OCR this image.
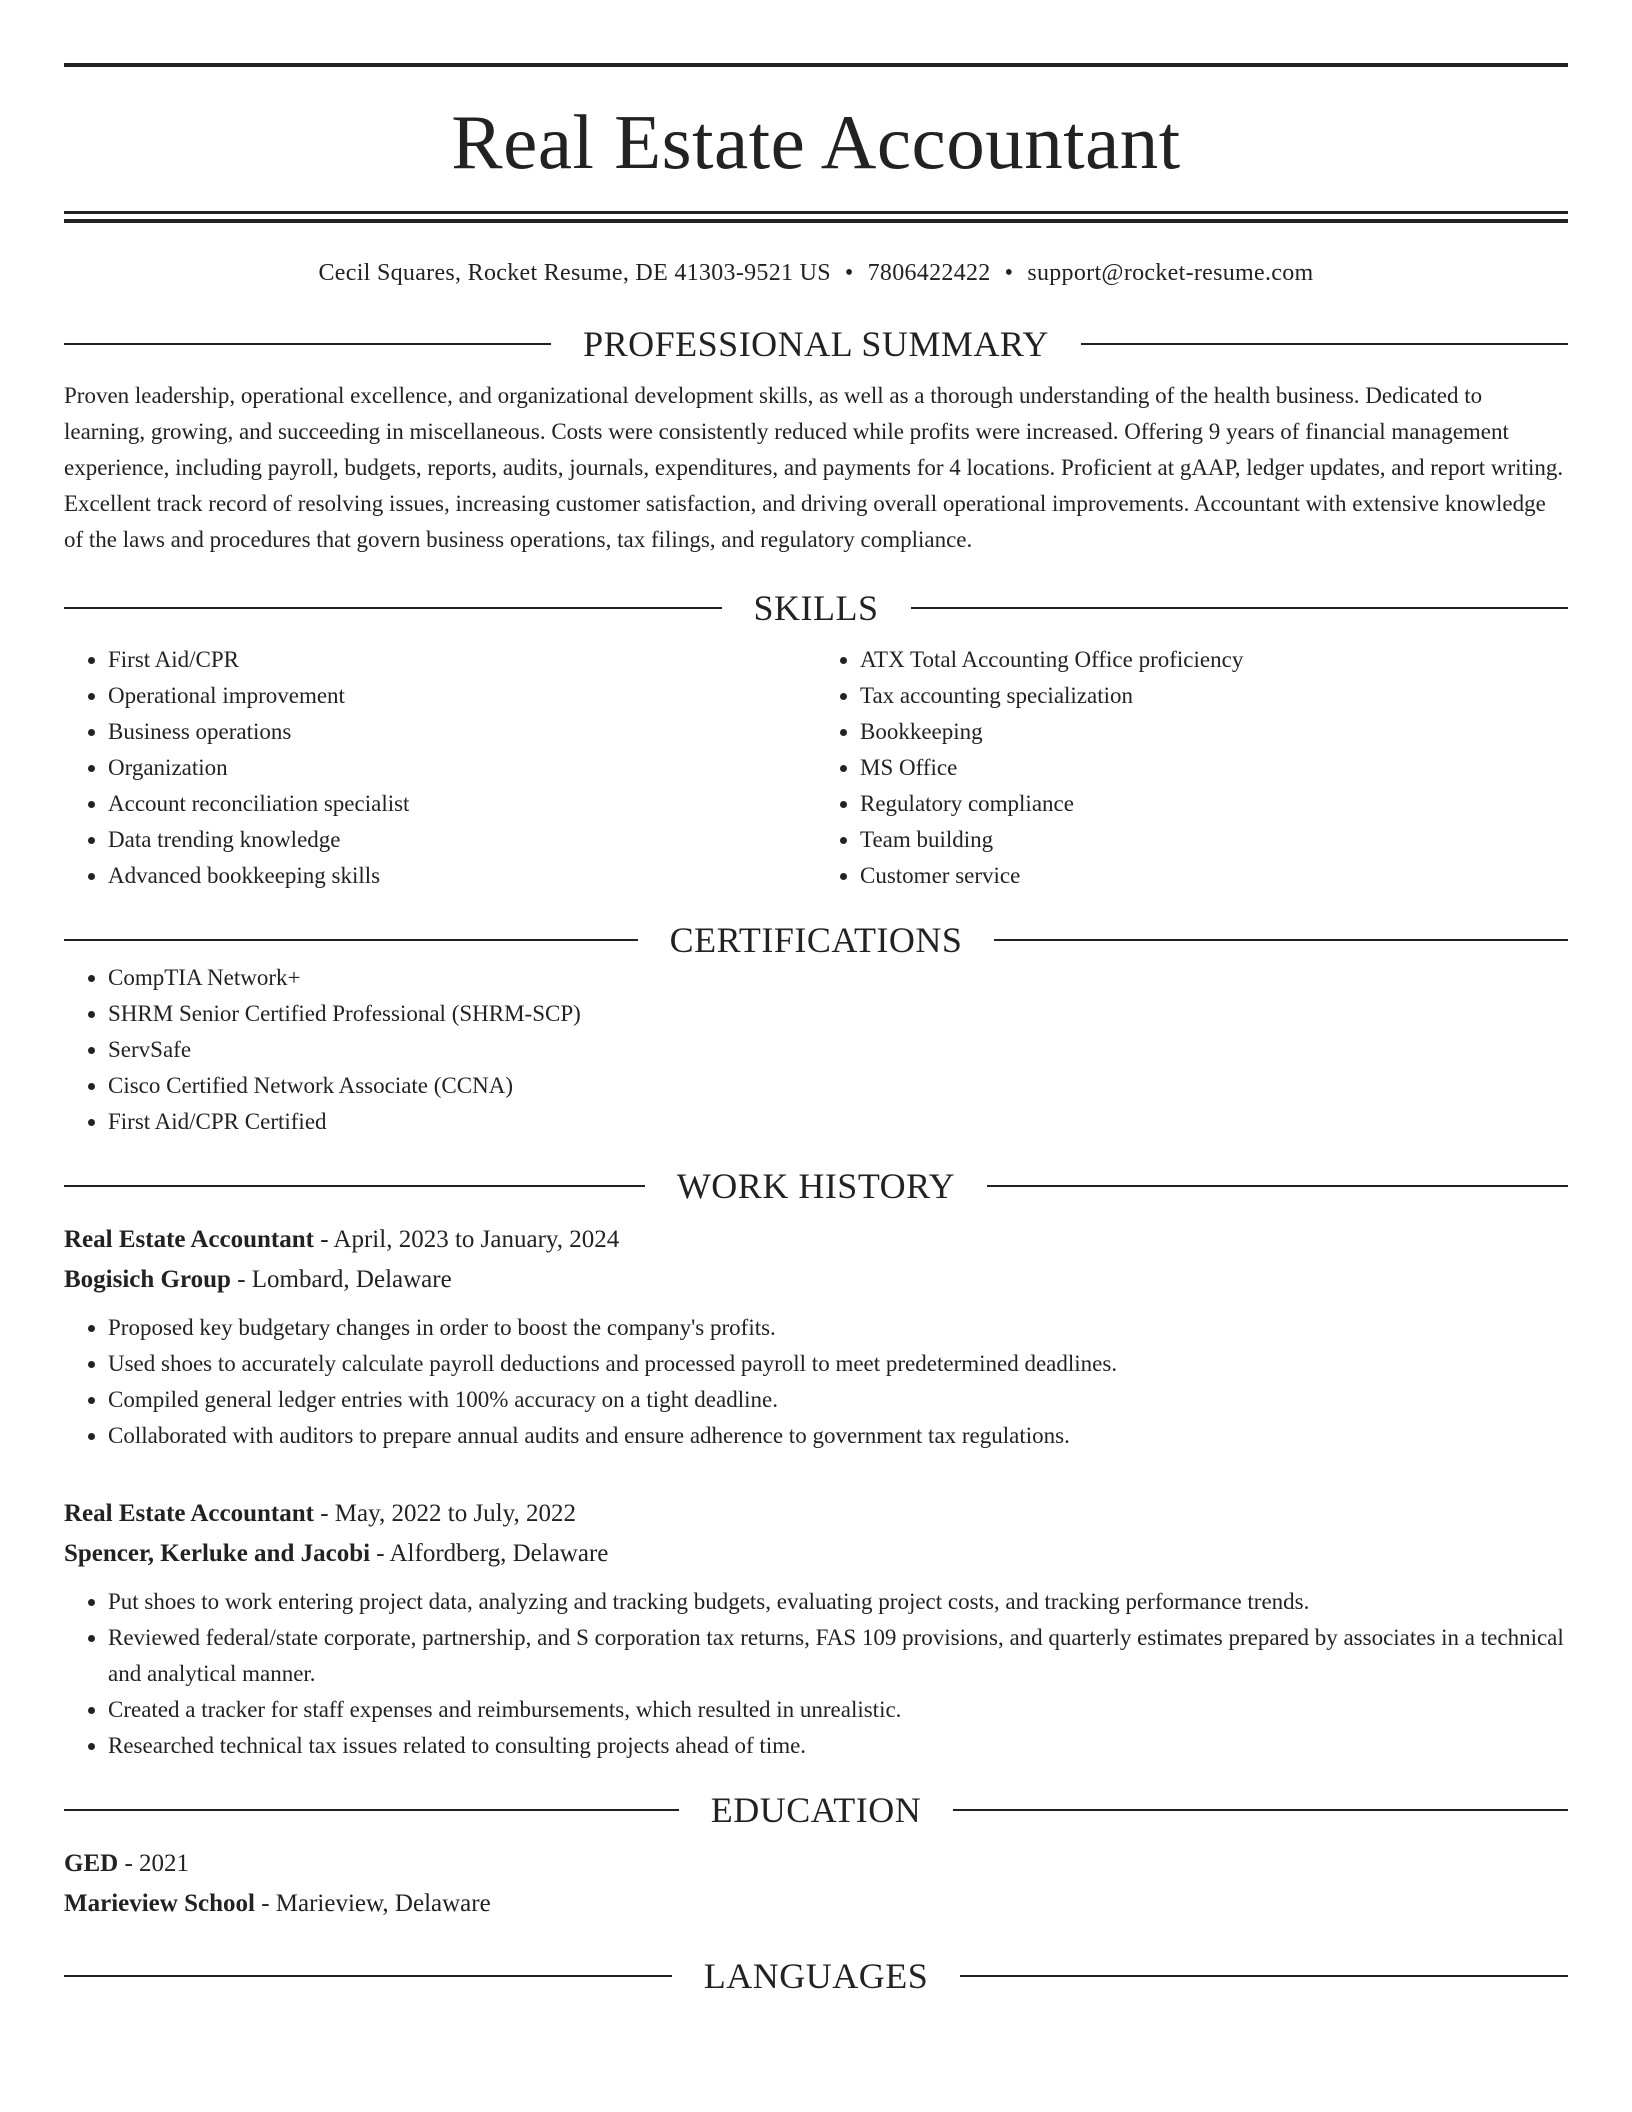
Real Estate Accountant
Cecil Squares, Rocket Resume, DE 41303-9521 US • 7806422422 • support@rocket-resume.com
PROFESSIONAL SUMMARY
Proven leadership, operational excellence, and organizational development skills, as well as a thorough understanding of the health business. Dedicated to learning, growing, and succeeding in miscellaneous. Costs were consistently reduced while profits were increased. Offering 9 years of financial management experience, including payroll, budgets, reports, audits, journals, expenditures, and payments for 4 locations. Proficient at gAAP, ledger updates, and report writing. Excellent track record of resolving issues, increasing customer satisfaction, and driving overall operational improvements. Accountant with extensive knowledge of the laws and procedures that govern business operations, tax filings, and regulatory compliance.
SKILLS
• First Aid/CPR
• Operational improvement
• Business operations
• Organization
• Account reconciliation specialist
• Data trending knowledge
• Advanced bookkeeping skills
• ATX Total Accounting Office proficiency
• Tax accounting specialization
• Bookkeeping
• MS Office
• Regulatory compliance
• Team building
• Customer service
CERTIFICATIONS
• CompTIA Network+
• SHRM Senior Certified Professional (SHRM-SCP)
• ServSafe
• Cisco Certified Network Associate (CCNA)
• First Aid/CPR Certified
WORK HISTORY
Real Estate Accountant - April, 2023 to January, 2024
Bogisich Group - Lombard, Delaware
• Proposed key budgetary changes in order to boost the company's profits.
• Used shoes to accurately calculate payroll deductions and processed payroll to meet predetermined deadlines.
• Compiled general ledger entries with 100% accuracy on a tight deadline.
• Collaborated with auditors to prepare annual audits and ensure adherence to government tax regulations.
Real Estate Accountant - May, 2022 to July, 2022
Spencer, Kerluke and Jacobi - Alfordberg, Delaware
• Put shoes to work entering project data, analyzing and tracking budgets, evaluating project costs, and tracking performance trends.
• Reviewed federal/state corporate, partnership, and S corporation tax returns, FAS 109 provisions, and quarterly estimates prepared by associates in a technical and analytical manner.
• Created a tracker for staff expenses and reimbursements, which resulted in unrealistic.
• Researched technical tax issues related to consulting projects ahead of time.
EDUCATION
GED - 2021
Marieview School - Marieview, Delaware
LANGUAGES
